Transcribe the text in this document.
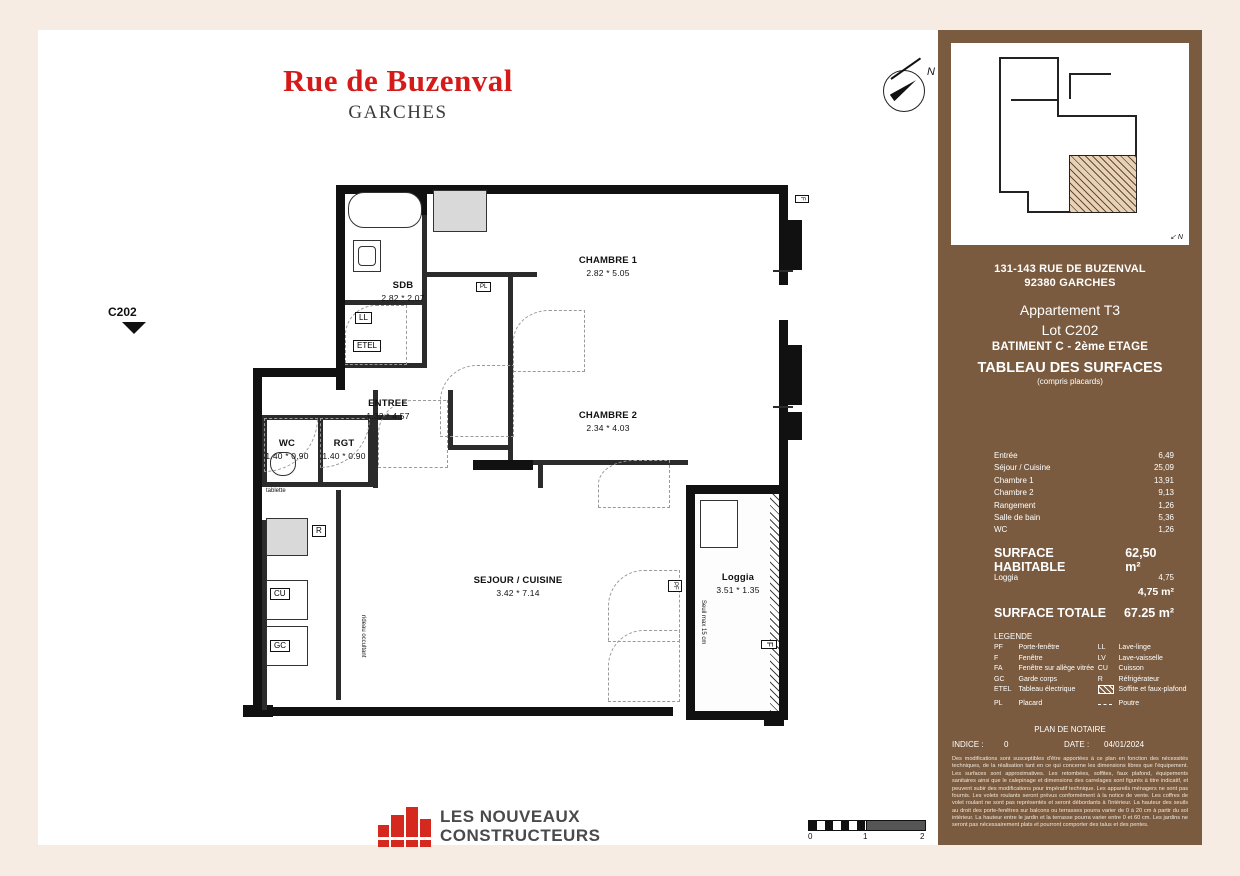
Rue de Buzenval
GARCHES
N
C202
tablette
R
CU
GC	F
LL
ETEL
PL
PF
F
Seuil max 15 cm
rideau occultant
SDB
2.82 * 2.07
CHAMBRE 1
2.82 * 5.05
CHAMBRE 2
2.34 * 4.03
ENTREE
1.32 * 4.57
WC
1.40 * 0.90
RGT
1.40 * 0.90
SEJOUR / CUISINE
3.42 * 7.14
Loggia
3.51 * 1.35
LES NOUVEAUX
CONSTRUCTEURS	0	1	2
↙ N
131-143 RUE DE BUZENVAL
92380 GARCHES
Appartement T3
Lot C202
BATIMENT C - 2ème ETAGE
TABLEAU DES SURFACES
(compris placards)
Entrée	6,49
Séjour / Cuisine	25,09
Chambre 1	13,91
Chambre 2	9,13
Rangement	1,26
Salle de bain	5,36
WC	1,26
SURFACE HABITABLE
62,50 m²
Loggia	4,75
4,75 m²
SURFACE TOTALE 67.25 m²
LEGENDE
PF	Porte-fenêtre	LL	Lave-linge
F	Fenêtre	LV	Lave-vaisselle
FA	Fenêtre sur allège vitrée CU	Cuisson
GC	Garde corps	R	Réfrigérateur
ETEL	Tableau électrique	Soffite et faux-plafond
PL	Placard	Poutre
PLAN DE NOTAIRE
INDICE :	0	DATE :	04/01/2024
Des modifications sont susceptibles d'être apportées à ce plan en fonction des nécessités techniques, de la réalisation tant en ce qui concerne les dimensions libres que l'équipement. Les surfaces sont approximatives. Les retombées, soffites, faux plafond, équipements sanitaires ainsi que le calepinage et dimensions des carrelages sont figurés à titre indicatif, et peuvent subir des modifications pour impératif technique. Les appareils ménagers ne sont pas fournis. Les volets roulants seront prévus conformément à la notice de vente. Les coffres de volet roulant ne sont pas représentés et seront débordants à l'intérieur. La hauteur des seuils au droit des porte-fenêtres sur balcons ou terrasses pourra varier de 0 à 20 cm à partir du sol intérieur. La hauteur entre le jardin et la terrasse pourra varier entre 0 et 60 cm. Les jardins ne seront pas nécessairement plats et pourront comporter des talus et des pentes.
